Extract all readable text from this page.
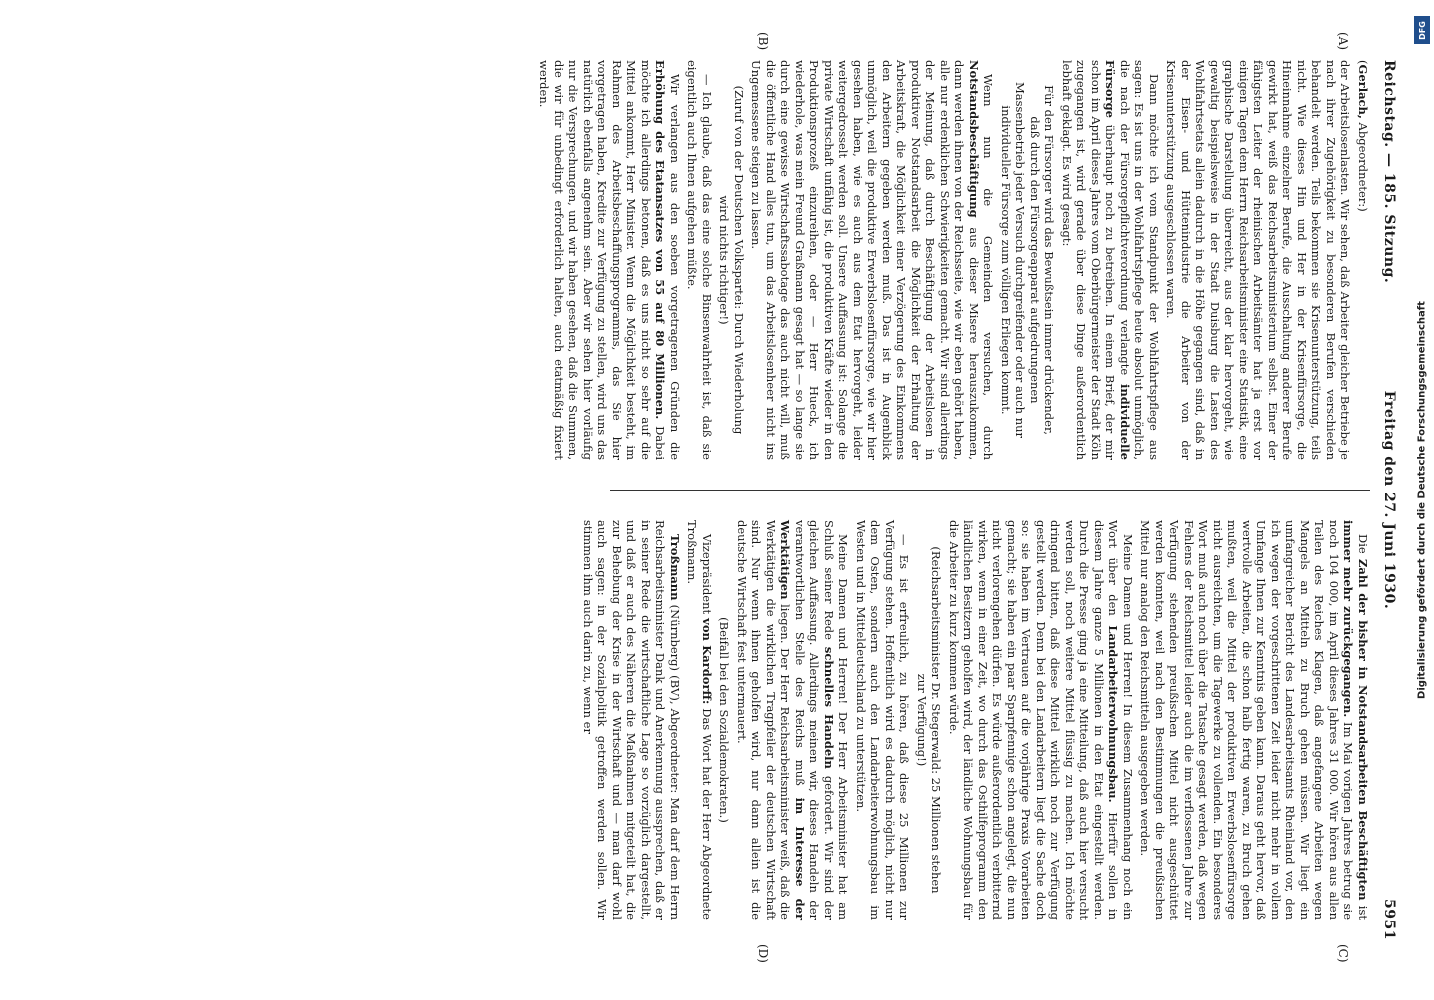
Reichstag. — 185. Sitzung.
Freitag den 27. Juni 1930.
5951
(A)
(B)
(C)
(D)

(Gerlach, Abgeordneter:)

der Arbeitslosenlasten. Wir sehen, daß Arbeiter gleicher Betriebe je nach ihrer Zugehörigkeit zu besonderen Berufen verschieden behandelt werden. Teils bekommen sie Krisenunterstützung, teils nicht. Wie dieses Hin und Her in der Krisenfürsorge, die Hineinnahme einzelner Berufe, die Ausschaltung anderer Berufe gewirkt hat, weiß das Reichsarbeitsministerium selbst. Einer der fähigsten Leiter der rheinischen Arbeitsämter hat ja erst vor einigen Tagen dem Herrn Reichsarbeitsminister eine Statistik, eine graphische Darstellung überreicht, aus der klar hervorgeht, wie gewaltig beispielsweise in der Stadt Duisburg die Lasten des Wohlfahrtsetats allein dadurch in die Höhe gegangen sind, daß in der Eisen- und Hüttenindustrie die Arbeiter von der Krisenunterstützung ausgeschlossen waren.

Dann möchte ich vom Standpunkt der Wohlfahrtspflege aus sagen: Es ist uns in der Wohlfahrtspflege heute absolut unmöglich, die nach der Fürsorgepflichtverordnung verlangte individuelle Fürsorge überhaupt noch zu betreiben. In einem Brief, der mir schon im April dieses Jahres vom Oberbürgermeister der Stadt Köln zugegangen ist, wird gerade über diese Dinge außerordentlich lebhaft geklagt. Es wird gesagt:

Für den Fürsorger wird das Bewußtsein immer drückender, daß durch den Fürsorgeapparat aufgedrungenen Massenbetrieb jeder Versuch durchgreifender oder auch nur individueller Fürsorge zum völligen Erliegen kommt.

Wenn nun die Gemeinden versuchen, durch Notstandsbeschäftigung aus dieser Misere herauszukommen, dann werden ihnen von der Reichsseite, wie wir eben gehört haben, alle nur erdenklichen Schwierigkeiten gemacht. Wir sind allerdings der Meinung, daß durch Beschäftigung der Arbeitslosen in produktiver Notstandsarbeit die Möglichkeit der Erhaltung der Arbeitskraft, die Möglichkeit einer Verzögerung des Einkommens den Arbeitern gegeben werden muß. Das ist in Augenblick unmöglich, weil die produktive Erwerbslosenfürsorge, wie wir hier gesehen haben, wie es auch aus dem Etat hervorgeht, leider weitergedrosselt werden soll. Unsere Auffassung ist: Solange die private Wirtschaft unfähig ist, die produktiven Kräfte wieder in den Produktionsprozeß einzureihen, oder — Herr Hueck, ich wiederhole, was mein Freund Graßmann gesagt hat — so lange sie durch eine gewisse Wirtschaftssabotage das auch nicht will, muß die öffentliche Hand alles tun, um das Arbeitslosenheer nicht ins Ungemessene steigen zu lassen.

(Zuruf von der Deutschen Volkspartei: Durch Wiederholung wird nichts richtiger!)

— Ich glaube, daß das eine solche Binsenwahrheit ist, daß sie eigentlich auch Ihnen aufgehen müßte.

Wir verlangen aus den soeben vorgetragenen Gründen die Erhöhung des Etatansatzes von 55 auf 80 Millionen. Dabei möchte ich allerdings betonen, daß es uns nicht so sehr auf die Mittel ankommt, Herr Minister. Wenn die Möglichkeit besteht, im Rahmen des Arbeitsbeschaffungsprogramms, das Sie hier vorgetragen haben, Kredite zur Verfügung zu stellen, wird uns das natürlich ebenfalls angenehm sein. Aber wir sehen hier vorläufig nur die Versprechungen, und wir haben gesehen, daß die Summen, die wir für unbedingt erforderlich halten, auch etatmäßig fixiert werden.

Die Zahl der bisher in Notstandsarbeiten Beschäftigten ist immer mehr zurückgegangen. Im Mai vorigen Jahres betrug sie noch 104 000, im April dieses Jahres 31 000. Wir hören aus allen Teilen des Reiches Klagen, daß angefangene Arbeiten wegen Mangels an Mitteln zu Bruch gehen müssen. Wir liegt ein umfangreicher Bericht des Landesarbeitsamts Rheinland vor, den ich wegen der vorgeschrittenen Zeit leider nicht mehr in vollem Umfange Ihnen zur Kenntnis geben kann. Daraus geht hervor, daß wertvolle Arbeiten, die schon halb fertig waren, zu Bruch gehen mußten, weil die Mittel der produktiven Erwerbslosenfürsorge nicht ausreichten, um die Tagewerke zu vollenden. Ein besonderes Wort muß auch noch über die Tatsache gesagt werden, daß wegen Fehlens der Reichsmittel leider auch die im verflossenen Jahre zur Verfügung stehenden preußischen Mittel nicht ausgeschüttet werden konnten, weil nach den Bestimmungen die preußischen Mittel nur analog den Reichsmitteln ausgegeben werden.

Meine Damen und Herren! In diesem Zusammenhang noch ein Wort über den Landarbeiterwohnungsbau. Hierfür sollen in diesem Jahre ganze 5 Millionen in den Etat eingestellt werden. Durch die Presse ging ja eine Mitteilung, daß auch hier versucht werden soll, noch weitere Mittel flüssig zu machen. Ich möchte dringend bitten, daß diese Mittel wirklich noch zur Verfügung gestellt werden. Denn bei den Landarbeitern liegt die Sache doch so: sie haben im Vertrauen auf die vorjährige Praxis Vorarbeiten gemacht; sie haben ein paar Sparpfennige schon angelegt, die nun nicht verlorengehen dürfen. Es würde außerordentlich verbitternd wirken, wenn in einer Zeit, wo durch das Osthilfeprogramm den ländlichen Besitzern geholfen wird, der ländliche Wohnungsbau für die Arbeiter zu kurz kommen würde.

(Reichsarbeitsminister Dr. Stegerwald: 25 Millionen stehen zur Verfügung!)

— Es ist erfreulich, zu hören, daß diese 25 Millionen zur Verfügung stehen. Hoffentlich wird es dadurch möglich, nicht nur dem Osten, sondern auch den Landarbeiterwohnungsbau im Westen und in Mitteldeutschland zu unterstützen.

Meine Damen und Herren! Der Herr Arbeitsminister hat am Schluß seiner Rede schnelles Handeln gefordert. Wir sind der gleichen Auffassung. Allerdings meinen wir, dieses Handeln der verantwortlichen Stelle des Reichs muß im Interesse der Werktätigen liegen. Der Herr Reichsarbeitsminister weiß, daß die Werktätigen die wirklichen Tragpfeiler der deutschen Wirtschaft sind. Nur wenn ihnen geholfen wird, nur dann allein ist die deutsche Wirtschaft fest untermauert.

(Beifall bei den Sozialdemokraten.)

Vizepräsident von Kardorff: Das Wort hat der Herr Abgeordnete Troßmann.

Troßmann (Nürnberg) (BV), Abgeordneter: Man darf dem Herrn Reichsarbeitsminister Dank und Anerkennung aussprechen, daß er in seiner Rede die wirtschaftliche Lage so vorzüglich dargestellt, und daß er auch des Näheren die Maßnahmen mitgeteilt hat, die zur Behebung der Krise in der Wirtschaft und — man darf wohl auch sagen: in der Sozialpolitik getroffen werden sollen. Wir stimmen ihm auch darin zu, wenn er

DFG
Digitalisierung gefördert durch die Deutsche Forschungsgemeinschaft
